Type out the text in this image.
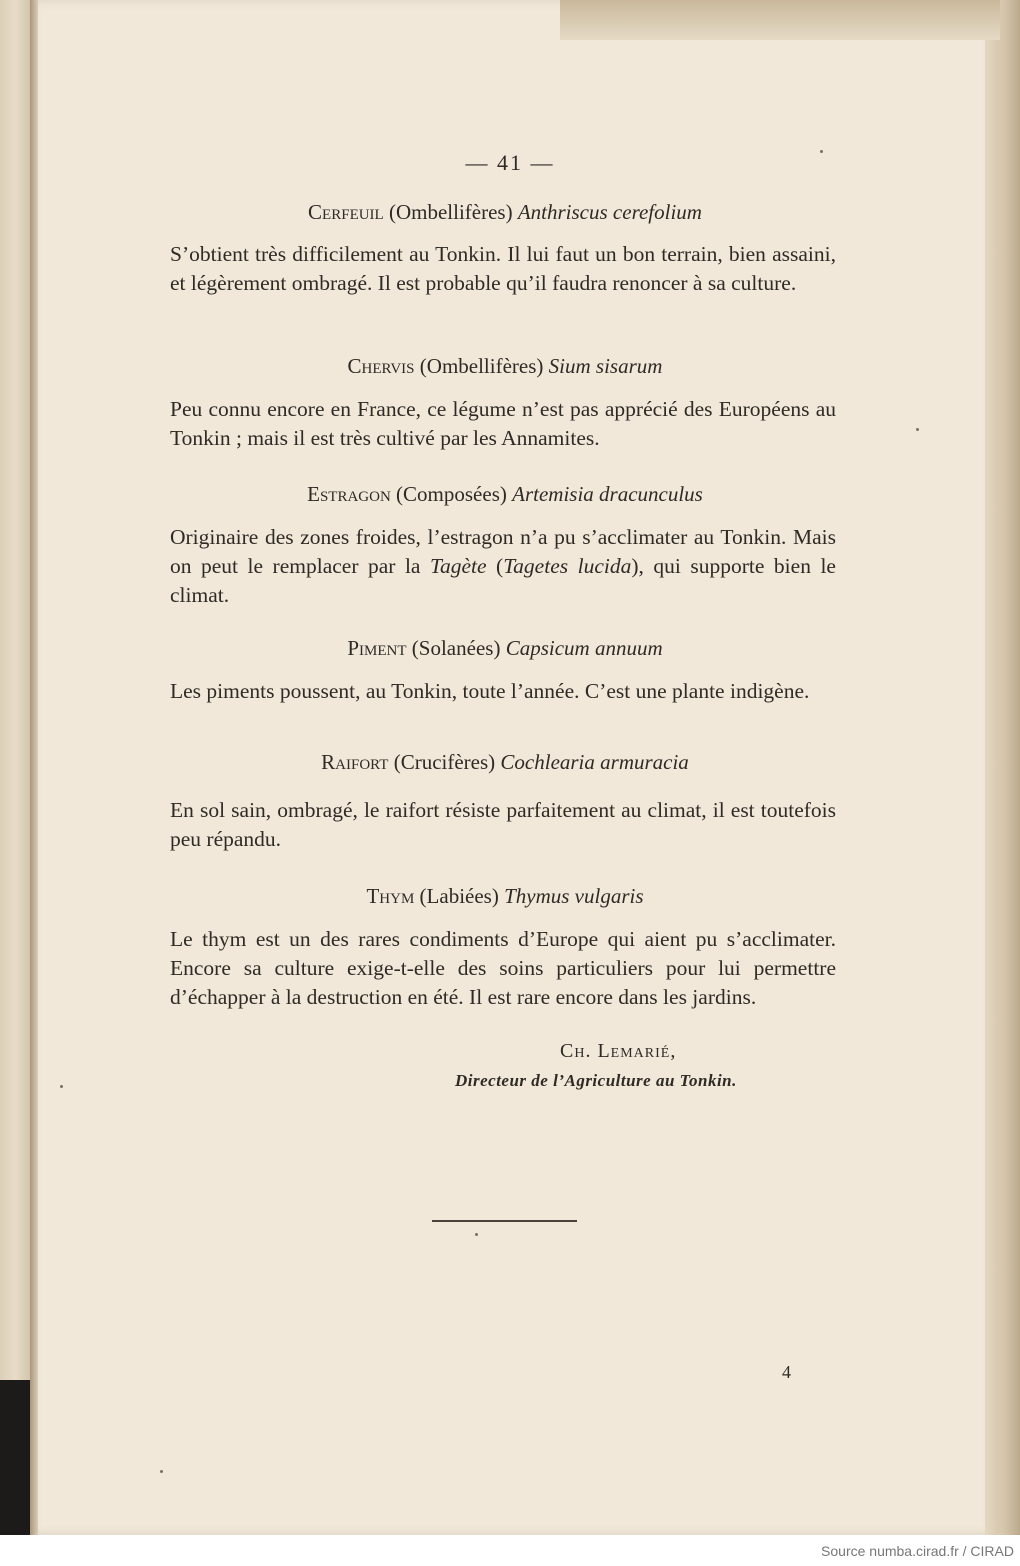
— 41 —
Cerfeuil (Ombellifères) Anthriscus cerefolium
S’obtient très difficilement au Tonkin. Il lui faut un bon terrain, bien assaini, et légèrement ombragé. Il est probable qu’il faudra renoncer à sa culture.
Chervis (Ombellifères) Sium sisarum
Peu connu encore en France, ce légume n’est pas apprécié des Européens au Tonkin ; mais il est très cultivé par les Annamites.
Estragon (Composées) Artemisia dracunculus
Originaire des zones froides, l’estragon n’a pu s’acclimater au Tonkin. Mais on peut le remplacer par la Tagète (Tagetes lucida), qui supporte bien le climat.
Piment (Solanées) Capsicum annuum
Les piments poussent, au Tonkin, toute l’année. C’est une plante indigène.
Raifort (Crucifères) Cochlearia armuracia
En sol sain, ombragé, le raifort résiste parfaitement au climat, il est toutefois peu répandu.
Thym (Labiées) Thymus vulgaris
Le thym est un des rares condiments d’Europe qui aient pu s’acclimater. Encore sa culture exige-t-elle des soins particuliers pour lui permettre d’échapper à la destruction en été. Il est rare encore dans les jardins.
Ch. Lemarié,
Directeur de l’Agriculture au Tonkin.
4
Source numba.cirad.fr / CIRAD
